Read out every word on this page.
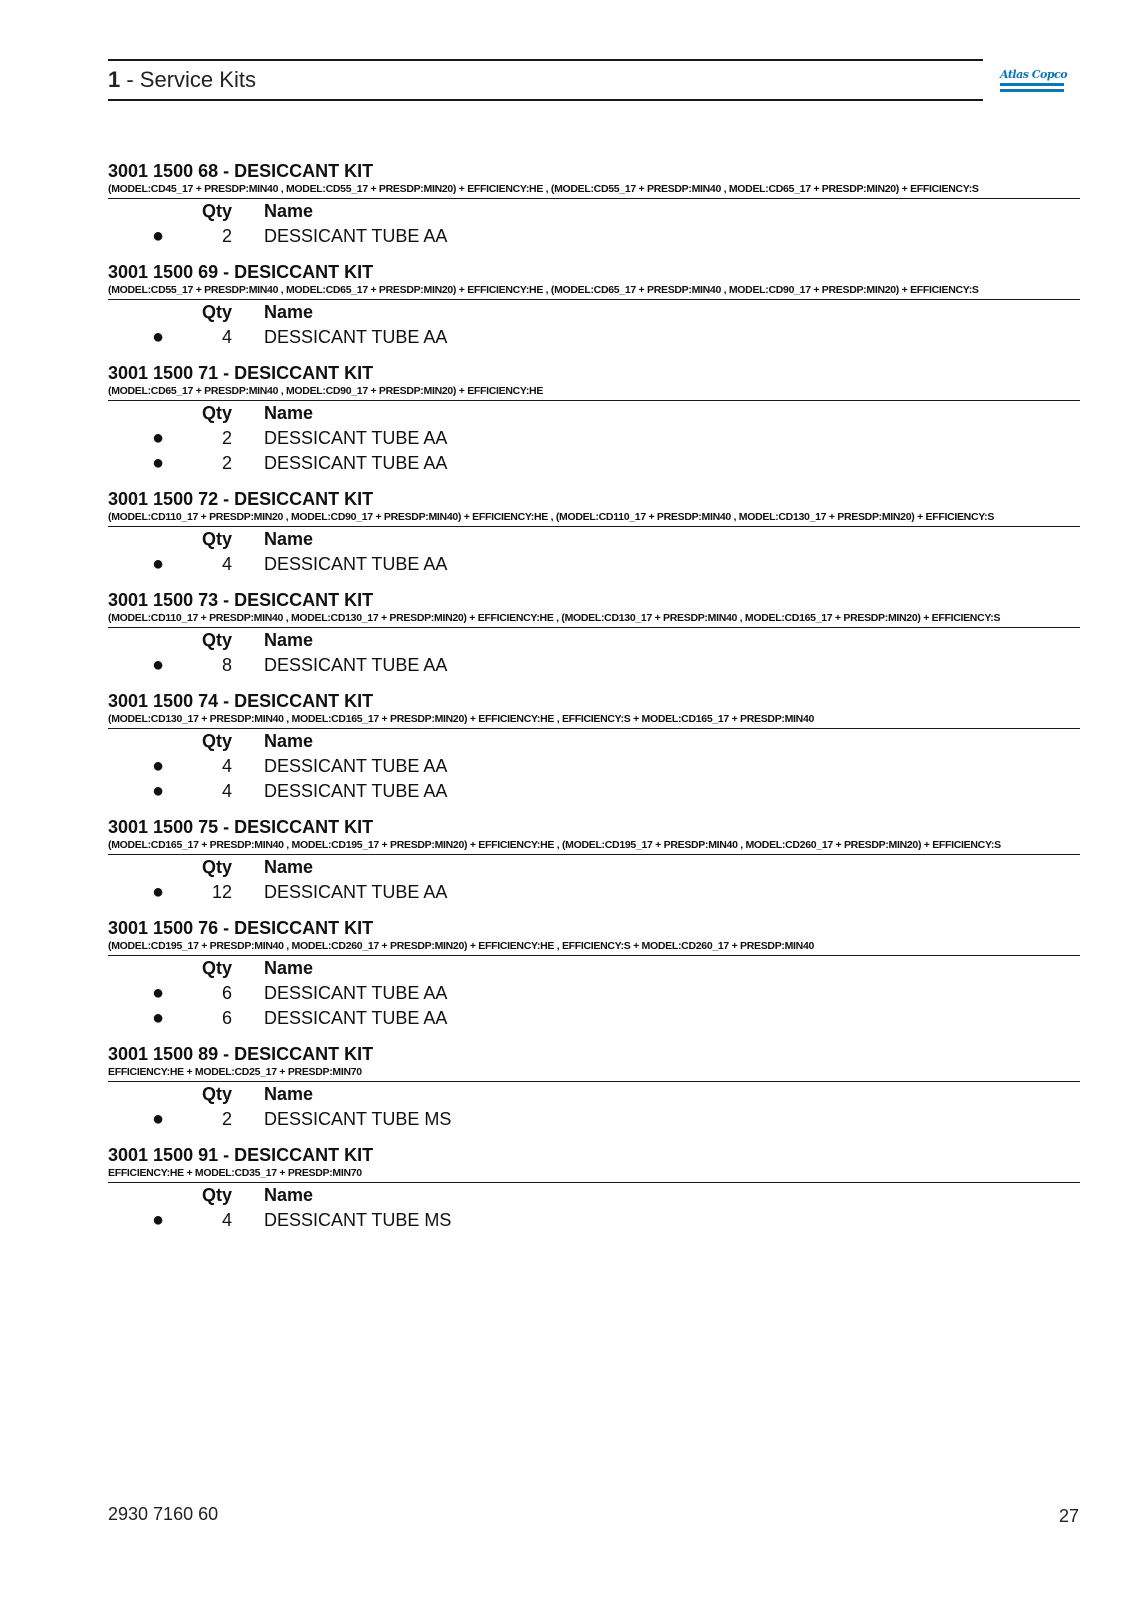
1 - Service Kits	Atlas Copco
3001 1500 68 - DESICCANT KIT
(MODEL:CD45_17 + PRESDP:MIN40 , MODEL:CD55_17 + PRESDP:MIN20) + EFFICIENCY:HE , (MODEL:CD55_17 + PRESDP:MIN40 , MODEL:CD65_17 + PRESDP:MIN20) + EFFICIENCY:S
Qty Name
●	2 DESSICANT TUBE AA
3001 1500 69 - DESICCANT KIT
(MODEL:CD55_17 + PRESDP:MIN40 , MODEL:CD65_17 + PRESDP:MIN20) + EFFICIENCY:HE , (MODEL:CD65_17 + PRESDP:MIN40 , MODEL:CD90_17 + PRESDP:MIN20) + EFFICIENCY:S
Qty Name
●	4 DESSICANT TUBE AA
3001 1500 71 - DESICCANT KIT
(MODEL:CD65_17 + PRESDP:MIN40 , MODEL:CD90_17 + PRESDP:MIN20) + EFFICIENCY:HE
Qty Name
●	2 DESSICANT TUBE AA
●	2 DESSICANT TUBE AA
3001 1500 72 - DESICCANT KIT
(MODEL:CD110_17 + PRESDP:MIN20 , MODEL:CD90_17 + PRESDP:MIN40) + EFFICIENCY:HE , (MODEL:CD110_17 + PRESDP:MIN40 , MODEL:CD130_17 + PRESDP:MIN20) + EFFICIENCY:S
Qty Name
●	4 DESSICANT TUBE AA
3001 1500 73 - DESICCANT KIT
(MODEL:CD110_17 + PRESDP:MIN40 , MODEL:CD130_17 + PRESDP:MIN20) + EFFICIENCY:HE , (MODEL:CD130_17 + PRESDP:MIN40 , MODEL:CD165_17 + PRESDP:MIN20) + EFFICIENCY:S
Qty Name
●	8 DESSICANT TUBE AA
3001 1500 74 - DESICCANT KIT
(MODEL:CD130_17 + PRESDP:MIN40 , MODEL:CD165_17 + PRESDP:MIN20) + EFFICIENCY:HE , EFFICIENCY:S + MODEL:CD165_17 + PRESDP:MIN40
Qty Name
●	4 DESSICANT TUBE AA
●	4 DESSICANT TUBE AA
3001 1500 75 - DESICCANT KIT
(MODEL:CD165_17 + PRESDP:MIN40 , MODEL:CD195_17 + PRESDP:MIN20) + EFFICIENCY:HE , (MODEL:CD195_17 + PRESDP:MIN40 , MODEL:CD260_17 + PRESDP:MIN20) + EFFICIENCY:S
Qty Name
●	12 DESSICANT TUBE AA
3001 1500 76 - DESICCANT KIT
(MODEL:CD195_17 + PRESDP:MIN40 , MODEL:CD260_17 + PRESDP:MIN20) + EFFICIENCY:HE , EFFICIENCY:S + MODEL:CD260_17 + PRESDP:MIN40
Qty Name
●	6 DESSICANT TUBE AA
●	6 DESSICANT TUBE AA
3001 1500 89 - DESICCANT KIT
EFFICIENCY:HE + MODEL:CD25_17 + PRESDP:MIN70
Qty Name
●	2 DESSICANT TUBE MS
3001 1500 91 - DESICCANT KIT
EFFICIENCY:HE + MODEL:CD35_17 + PRESDP:MIN70
Qty Name
●	4 DESSICANT TUBE MS
2930 7160 60	27
